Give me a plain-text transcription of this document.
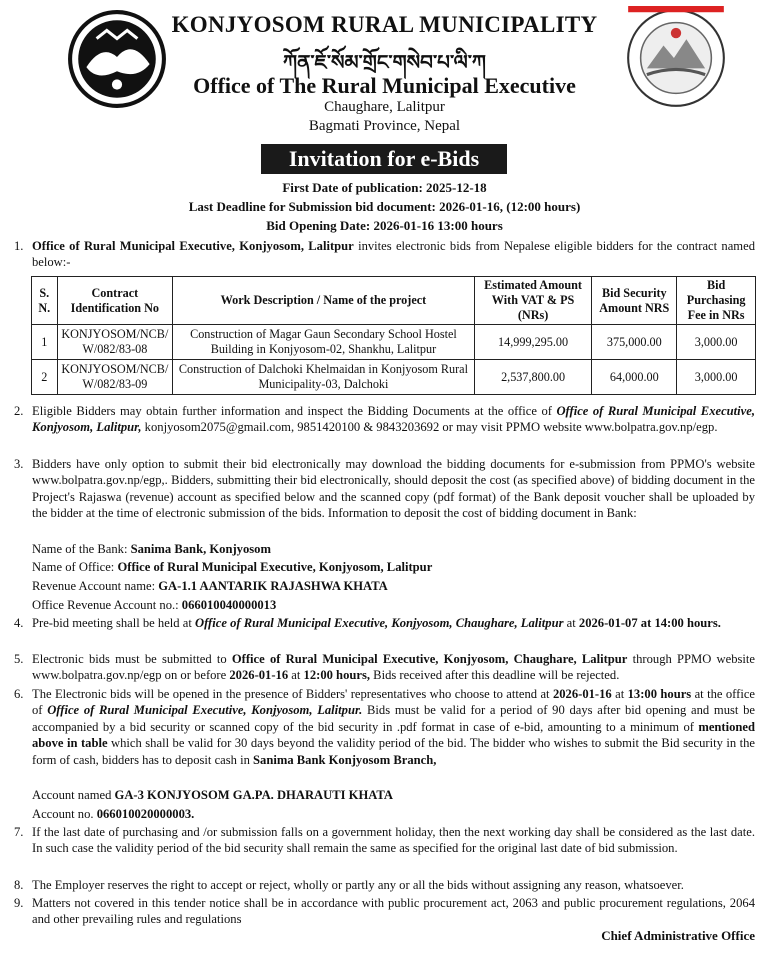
KONJYOSOM RURAL MUNICIPALITY
ཀོན་ཇོ་སོམ་གྲོང་གསེབ་པ་ལི་ཀ
Office of The Rural Municipal Executive
Chaughare, Lalitpur
Bagmati Province, Nepal
Invitation for e-Bids
First Date of publication: 2025-12-18
Last Deadline for Submission bid document: 2026-01-16, (12:00 hours)
Bid Opening Date: 2026-01-16 13:00 hours
1. Office of Rural Municipal Executive, Konjyosom, Lalitpur invites electronic bids from Nepalese eligible bidders for the contract named below:-
S. N.	Contract Identification No	Work Description / Name of the project	Estimated Amount With VAT & PS (NRs)	Bid Security Amount NRS	Bid Purchasing Fee in NRs
1	KONJYOSOM/NCB/ W/082/83-08	Construction of Magar Gaun Secondary School Hostel Building in Konjyosom-02, Shankhu, Lalitpur	14,999,295.00	375,000.00	3,000.00
2	KONJYOSOM/NCB/ W/082/83-09	Construction of Dalchoki Khelmaidan in Konjyosom Rural Municipality-03, Dalchoki	2,537,800.00	64,000.00	3,000.00
2. Eligible Bidders may obtain further information and inspect the Bidding Documents at the office of Office of Rural Municipal Executive, Konjyosom, Lalitpur, konjyosom2075@gmail.com, 9851420100 & 9843203692 or may visit PPMO website www.bolpatra.gov.np/egp.
3. Bidders have only option to submit their bid electronically may download the bidding documents for e-submission from PPMO's website www.bolpatra.gov.np/egp,. Bidders, submitting their bid electronically, should deposit the cost (as specified above) of bidding document in the Project's Rajaswa (revenue) account as specified below and the scanned copy (pdf format) of the Bank deposit voucher shall be uploaded by the bidder at the time of electronic submission of the bids. Information to deposit the cost of bidding document in Bank:
Name of the Bank: Sanima Bank, Konjyosom
Name of Office: Office of Rural Municipal Executive, Konjyosom, Lalitpur
Revenue Account name: GA-1.1 AANTARIK RAJASHWA KHATA
Office Revenue Account no.: 066010040000013
4. Pre-bid meeting shall be held at Office of Rural Municipal Executive, Konjyosom, Chaughare, Lalitpur at 2026-01-07 at 14:00 hours.
5. Electronic bids must be submitted to Office of Rural Municipal Executive, Konjyosom, Chaughare, Lalitpur through PPMO website www.bolpatra.gov.np/egp on or before 2026-01-16 at 12:00 hours, Bids received after this deadline will be rejected.
6. The Electronic bids will be opened in the presence of Bidders' representatives who choose to attend at 2026-01-16 at 13:00 hours at the office of Office of Rural Municipal Executive, Konjyosom, Lalitpur. Bids must be valid for a period of 90 days after bid opening and must be accompanied by a bid security or scanned copy of the bid security in .pdf format in case of e-bid, amounting to a minimum of mentioned above in table which shall be valid for 30 days beyond the validity period of the bid. The bidder who wishes to submit the Bid security in the form of cash, bidders has to deposit cash in Sanima Bank Konjyosom Branch,
Account named GA-3 KONJYOSOM GA.PA. DHARAUTI KHATA
Account no. 066010020000003.
7. If the last date of purchasing and /or submission falls on a government holiday, then the next working day shall be considered as the last date. In such case the validity period of the bid security shall remain the same as specified for the original last date of bid submission.
8. The Employer reserves the right to accept or reject, wholly or partly any or all the bids without assigning any reason, whatsoever.
9. Matters not covered in this tender notice shall be in accordance with public procurement act, 2063 and public procurement regulations, 2064 and other prevailing rules and regulations
Chief Administrative Office
